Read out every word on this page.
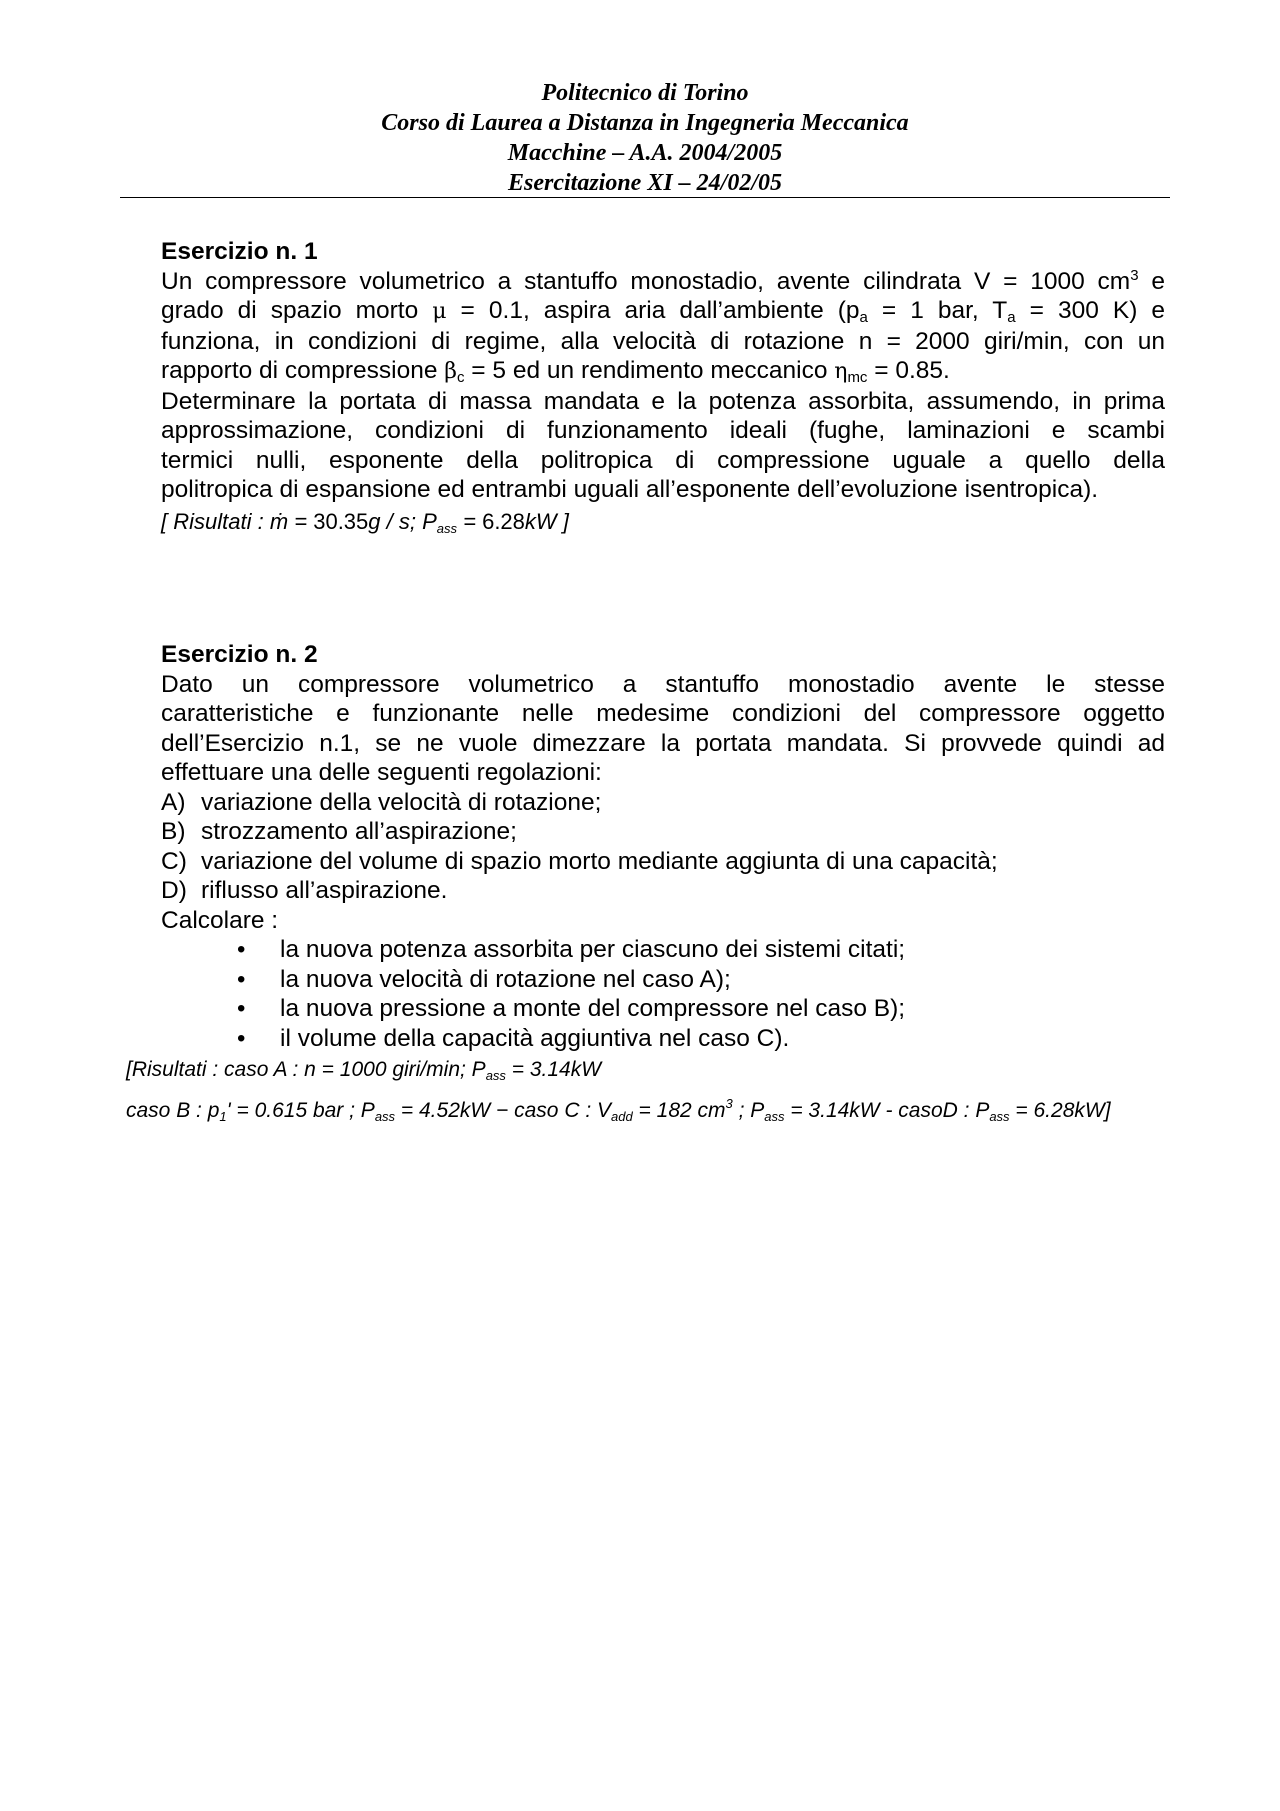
Politecnico di Torino
Corso di Laurea a Distanza in Ingegneria Meccanica
Macchine – A.A. 2004/2005
Esercitazione XI – 24/02/05
Esercizio n. 1
Un compressore volumetrico a stantuffo monostadio, avente cilindrata V = 1000 $cm^3$ e
grado di spazio morto μ = 0.1, aspira aria dall’ambiente ($p_a = 1$ bar, $T_a = 300$ K) e
funziona, in condizioni di regime, alla velocità di rotazione n = 2000 giri/min, con un
rapporto di compressione $\beta_c = 5$ ed un rendimento meccanico $\eta_{mc} = 0.85$.
Determinare la portata di massa mandata e la potenza assorbita, assumendo, in prima
approssimazione, condizioni di funzionamento ideali (fughe, laminazioni e scambi
termici nulli, esponente della politropica di compressione uguale a quello della
politropica di espansione ed entrambi uguali all’esponente dell’evoluzione isentropica).
[ Risultati : ṁ = 30.35g / s; $P_{ass} = 6.28kW$ ]
Esercizio n. 2
Dato un compressore volumetrico a stantuffo monostadio avente le stesse
caratteristiche e funzionante nelle medesime condizioni del compressore oggetto
dell’Esercizio n.1, se ne vuole dimezzare la portata mandata. Si provvede quindi ad
effettuare una delle seguenti regolazioni:
A) variazione della velocità di rotazione;
B) strozzamento all’aspirazione;
C) variazione del volume di spazio morto mediante aggiunta di una capacità;
D) riflusso all’aspirazione.
Calcolare :
• la nuova potenza assorbita per ciascuno dei sistemi citati;
• la nuova velocità di rotazione nel caso A);
• la nuova pressione a monte del compressore nel caso B);
• il volume della capacità aggiuntiva nel caso C).
[Risultati : caso A : n = 1000 giri/min; $P_{ass} = 3.14kW$
caso B : $p_1' = 0.615$ bar ; $P_{ass} = 4.52kW$ − caso C : $V_{add} = 182$ $cm^3$ ; $P_{ass} = 3.14kW$ - casoD : $P_{ass} = 6.28kW$]
